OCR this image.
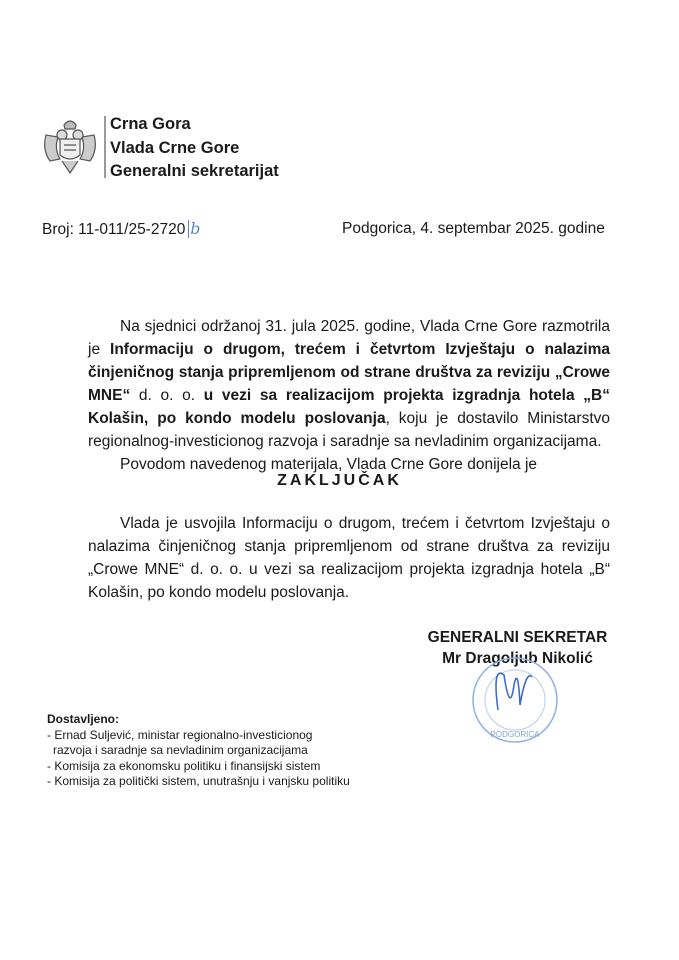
Crna Gora
Vlada Crne Gore
Generalni sekretarijat
Broj: 11-011/25-2720 b	Podgorica, 4. septembar 2025. godine
Na sjednici održanoj 31. jula 2025. godine, Vlada Crne Gore razmotrila je Informaciju o drugom, trećem i četvrtom Izvještaju o nalazima činjeničnog stanja pripremljenom od strane društva za reviziju „Crowe MNE“ d. o. o. u vezi sa realizacijom projekta izgradnja hotela „B“ Kolašin, po kondo modelu poslovanja, koju je dostavilo Ministarstvo regionalnog-investicionog razvoja i saradnje sa nevladinim organizacijama.
Povodom navedenog materijala, Vlada Crne Gore donijela je
ZAKLJUČAK
Vlada je usvojila Informaciju o drugom, trećem i četvrtom Izvještaju o nalazima činjeničnog stanja pripremljenom od strane društva za reviziju „Crowe MNE“ d. o. o. u vezi sa realizacijom projekta izgradnja hotela „B“ Kolašin, po kondo modelu poslovanja.
GENERALNI SEKRETAR
Mr Dragoljub Nikolić
PODGORICA
Dostavljeno:
- Ernad Suljević, ministar regionalno-investicionog
razvoja i saradnje sa nevladinim organizacijama
- Komisija za ekonomsku politiku i finansijski sistem
- Komisija za politički sistem, unutrašnju i vanjsku politiku
